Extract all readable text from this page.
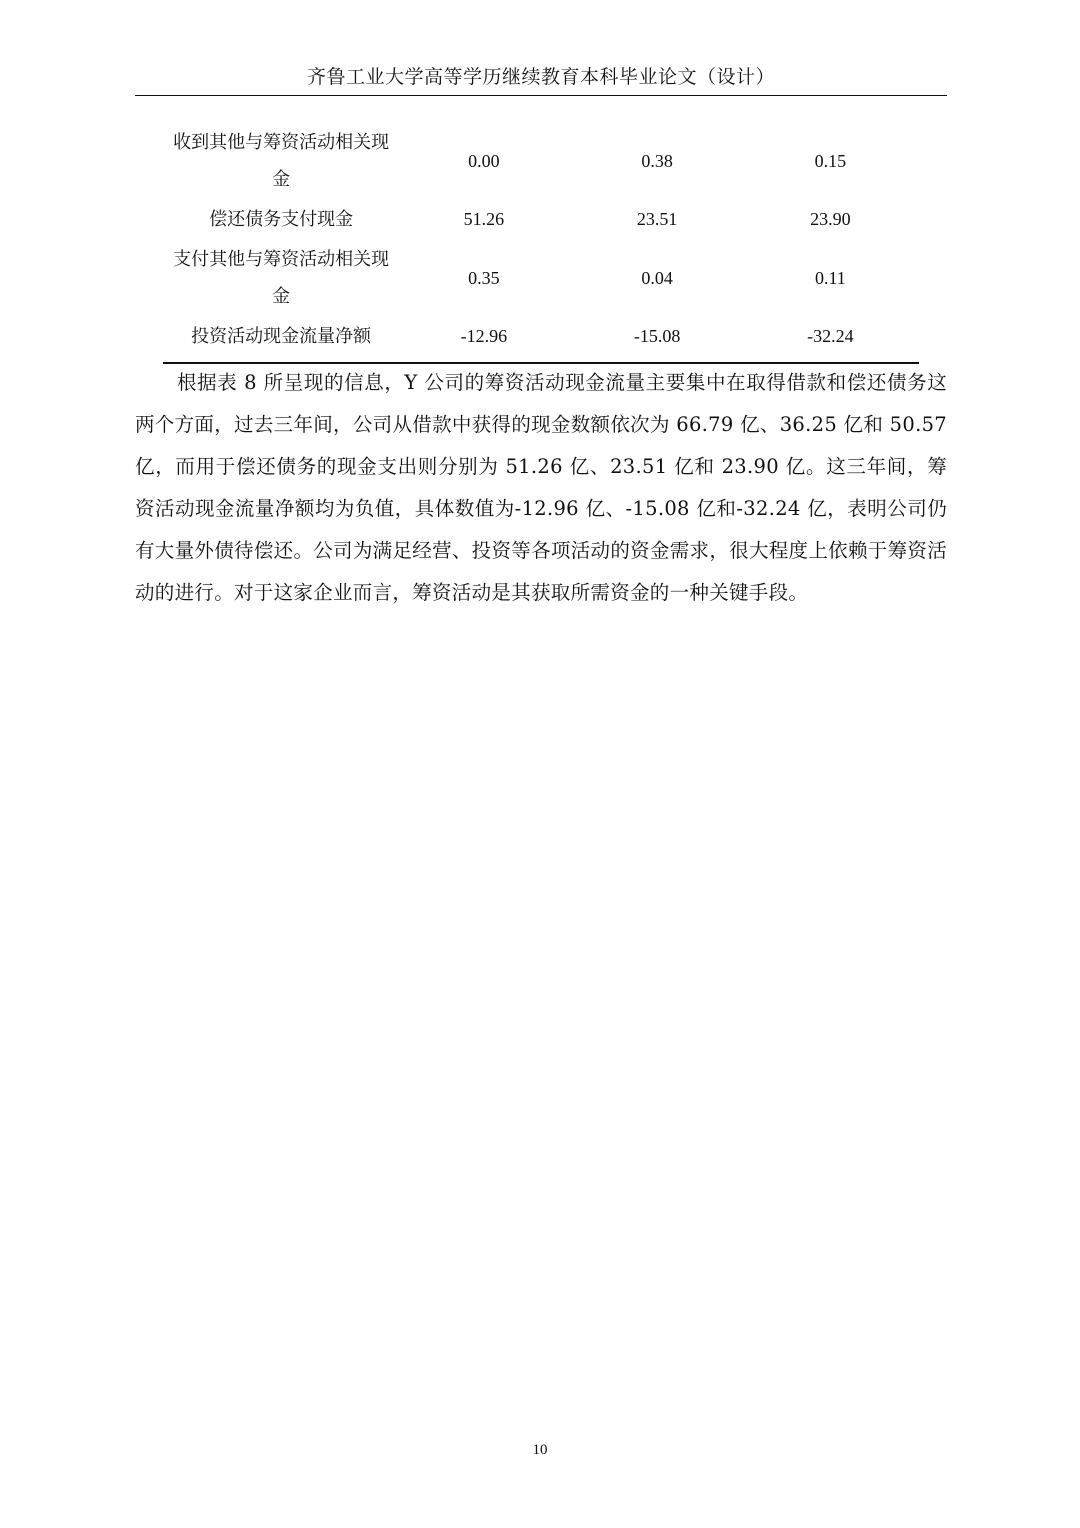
齐鲁工业大学高等学历继续教育本科毕业论文（设计）
收到其他与筹资活动相关现金	0.00	0.38	0.15
偿还债务支付现金	51.26	23.51	23.90
支付其他与筹资活动相关现金	0.35	0.04	0.11
投资活动现金流量净额	-12.96	-15.08	-32.24

根据表 8 所呈现的信息，Y 公司的筹资活动现金流量主要集中在取得借款和偿还债务这两个方面，过去三年间，公司从借款中获得的现金数额依次为 66.79 亿、36.25 亿和 50.57 亿，而用于偿还债务的现金支出则分别为 51.26 亿、23.51 亿和 23.90 亿。这三年间，筹资活动现金流量净额均为负值，具体数值为-12.96 亿、-15.08 亿和-32.24 亿，表明公司仍有大量外债待偿还。公司为满足经营、投资等各项活动的资金需求，很大程度上依赖于筹资活动的进行。对于这家企业而言，筹资活动是其获取所需资金的一种关键手段。

10
